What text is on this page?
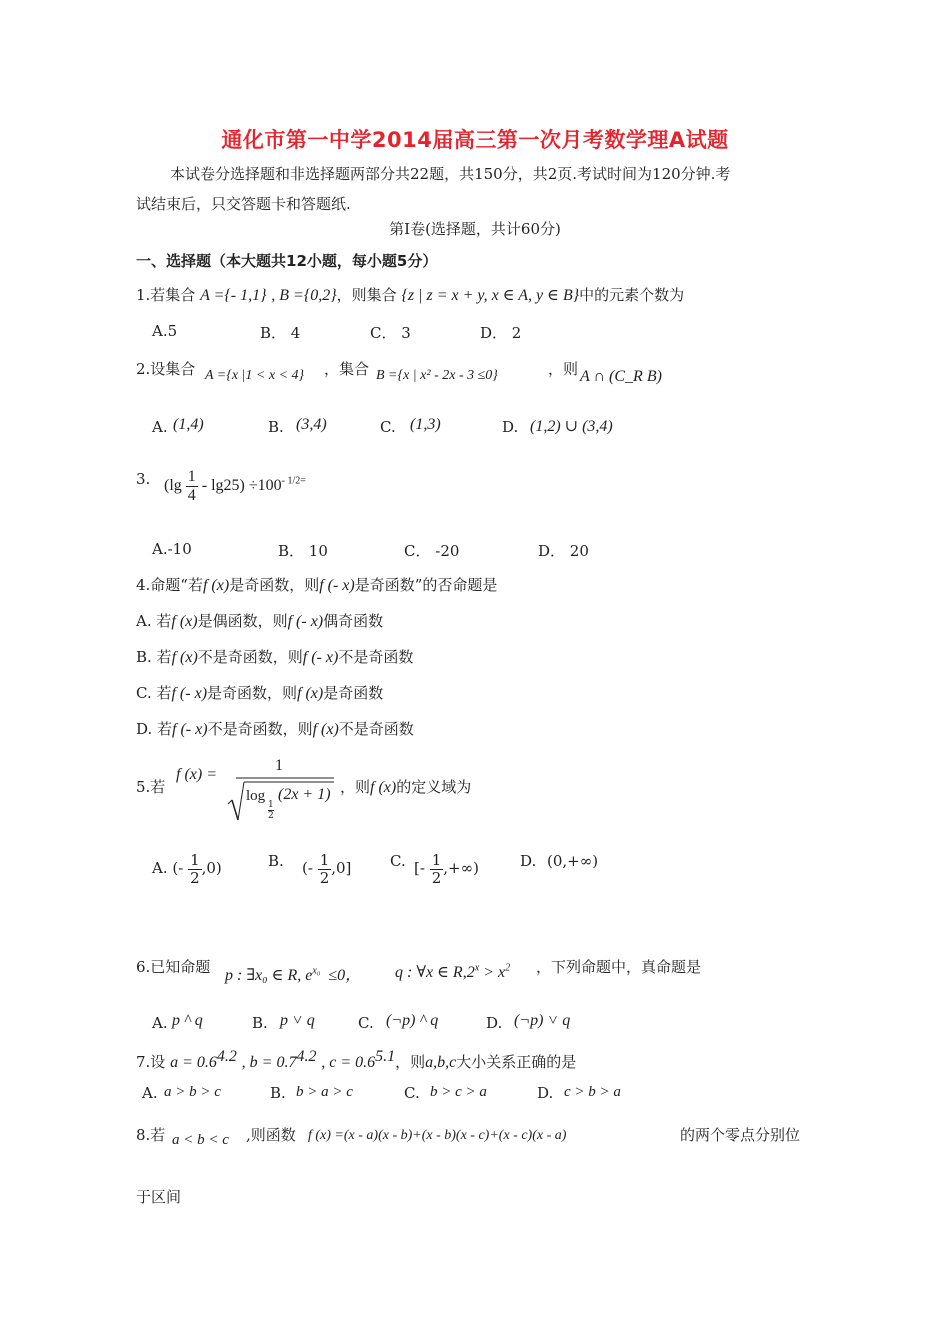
通化市第一中学2014届高三第一次月考数学理A试题
本试卷分选择题和非选择题两部分共22题，共150分，共2页.考试时间为120分钟.考
试结束后，只交答题卡和答题纸.
第Ⅰ卷(选择题，共计60分)
一、选择题（本大题共12小题，每小题5分）
1.若集合 A ={- 1,1} , B ={0,2}，则集合 {z | z = x + y, x ∈ A, y ∈ B}中的元素个数为
A.5	B． 4	C． 3	D． 2
2.设集合 A ={x |1 < x < 4} ，集合 B ={x | x² - 2x - 3 ≤0}	，则 A ∩ (C_R B)
A. (1,4)	B. (3,4)	C. (1,3)	D. (1,2) ∪ (3,4)
3. $(\lg \frac{1}{4} - \lg 25) \div 100^{- 1/2=}$
A.-10	B． 10	C． -20	D． 20
4.命题“若f (x)是奇函数，则f (- x)是奇函数”的否命题是
A. 若f (x)是偶函数，则f (- x)偶奇函数
B. 若f (x)不是奇函数，则f (- x)不是奇函数
C. 若f (- x)是奇函数，则f (x)是奇函数
D. 若f (- x)不是奇函数，则f (x)不是奇函数
5.若
f (x) =
1
log
$\frac{1}{2}$
(2x + 1) ，则f (x)的定义域为
A. (- $\frac{1}{2} ,0$)	B. (- $\frac{1}{2} ,0$]	C. [- $\frac{1}{2}$ ,+∞)	D. (0,+∞)
6.已知命题 p : ∃x₀ ∈ R, $e^{x_0} \le 0$， q : ∀x ∈ $R,2^x > x^2$ ，下列命题中，真命题是
A. p ^ q	B. p ˅ q	C. (¬p) ^ q	D. (¬p) ˅ q
7.设 $a = 0.6^{4.2}$ , $b = 0.7^{4.2}$ , $c = 0.6^{5.1}$，则a,b,c大小关系正确的是
A. a > b > c	B. b > a > c	C. b > c > a	D. c > b > a
8.若 a < b < c ,则函数 f (x) =(x - a)(x - b)+(x - b)(x - c)+(x - c)(x - a)	的两个零点分别位
于区间
